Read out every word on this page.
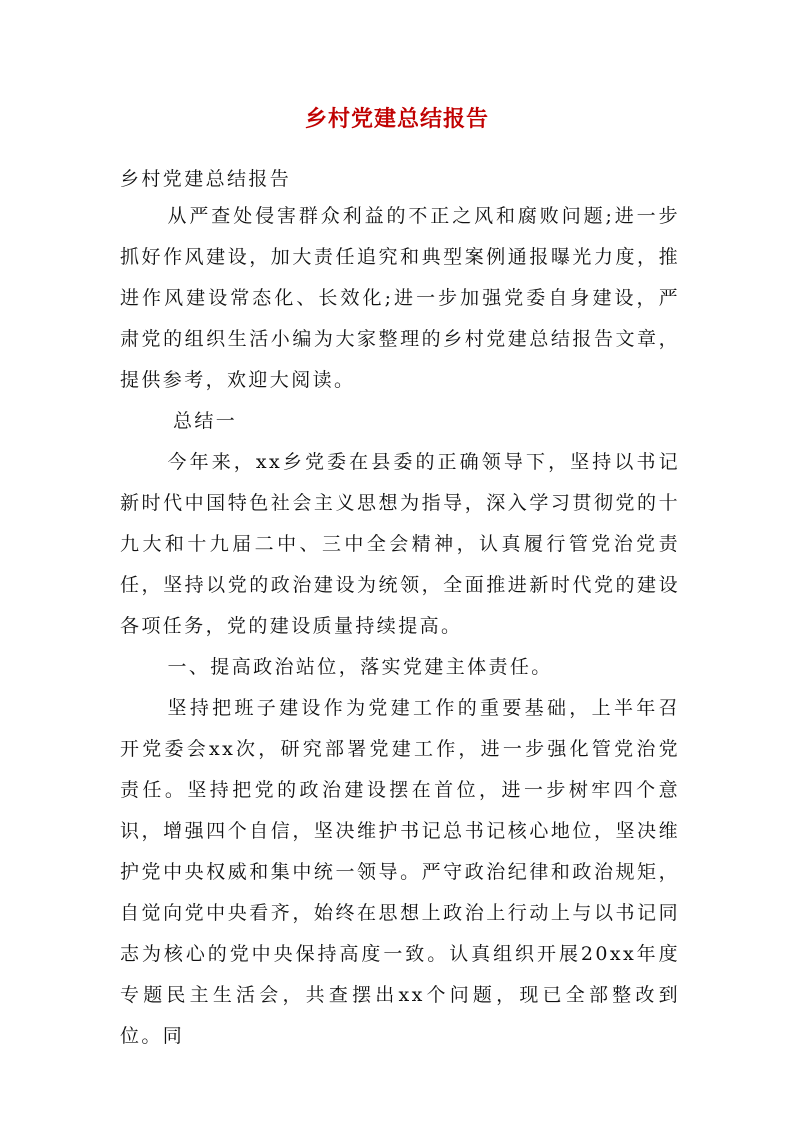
乡村党建总结报告

乡村党建总结报告

从严查处侵害群众利益的不正之风和腐败问题;进一步抓好作风建设，加大责任追究和典型案例通报曝光力度，推进作风建设常态化、长效化;进一步加强党委自身建设，严肃党的组织生活小编为大家整理的乡村党建总结报告文章，提供参考，欢迎大阅读。

总结一

今年来，xx乡党委在县委的正确领导下，坚持以书记新时代中国特色社会主义思想为指导，深入学习贯彻党的十九大和十九届二中、三中全会精神，认真履行管党治党责任，坚持以党的政治建设为统领，全面推进新时代党的建设各项任务，党的建设质量持续提高。

一、提高政治站位，落实党建主体责任。

坚持把班子建设作为党建工作的重要基础，上半年召开党委会xx次，研究部署党建工作，进一步强化管党治党责任。坚持把党的政治建设摆在首位，进一步树牢四个意识，增强四个自信，坚决维护书记总书记核心地位，坚决维护党中央权威和集中统一领导。严守政治纪律和政治规矩，自觉向党中央看齐，始终在思想上政治上行动上与以书记同志为核心的党中央保持高度一致。认真组织开展20xx年度专题民主生活会，共查摆出xx个问题，现已全部整改到位。同
